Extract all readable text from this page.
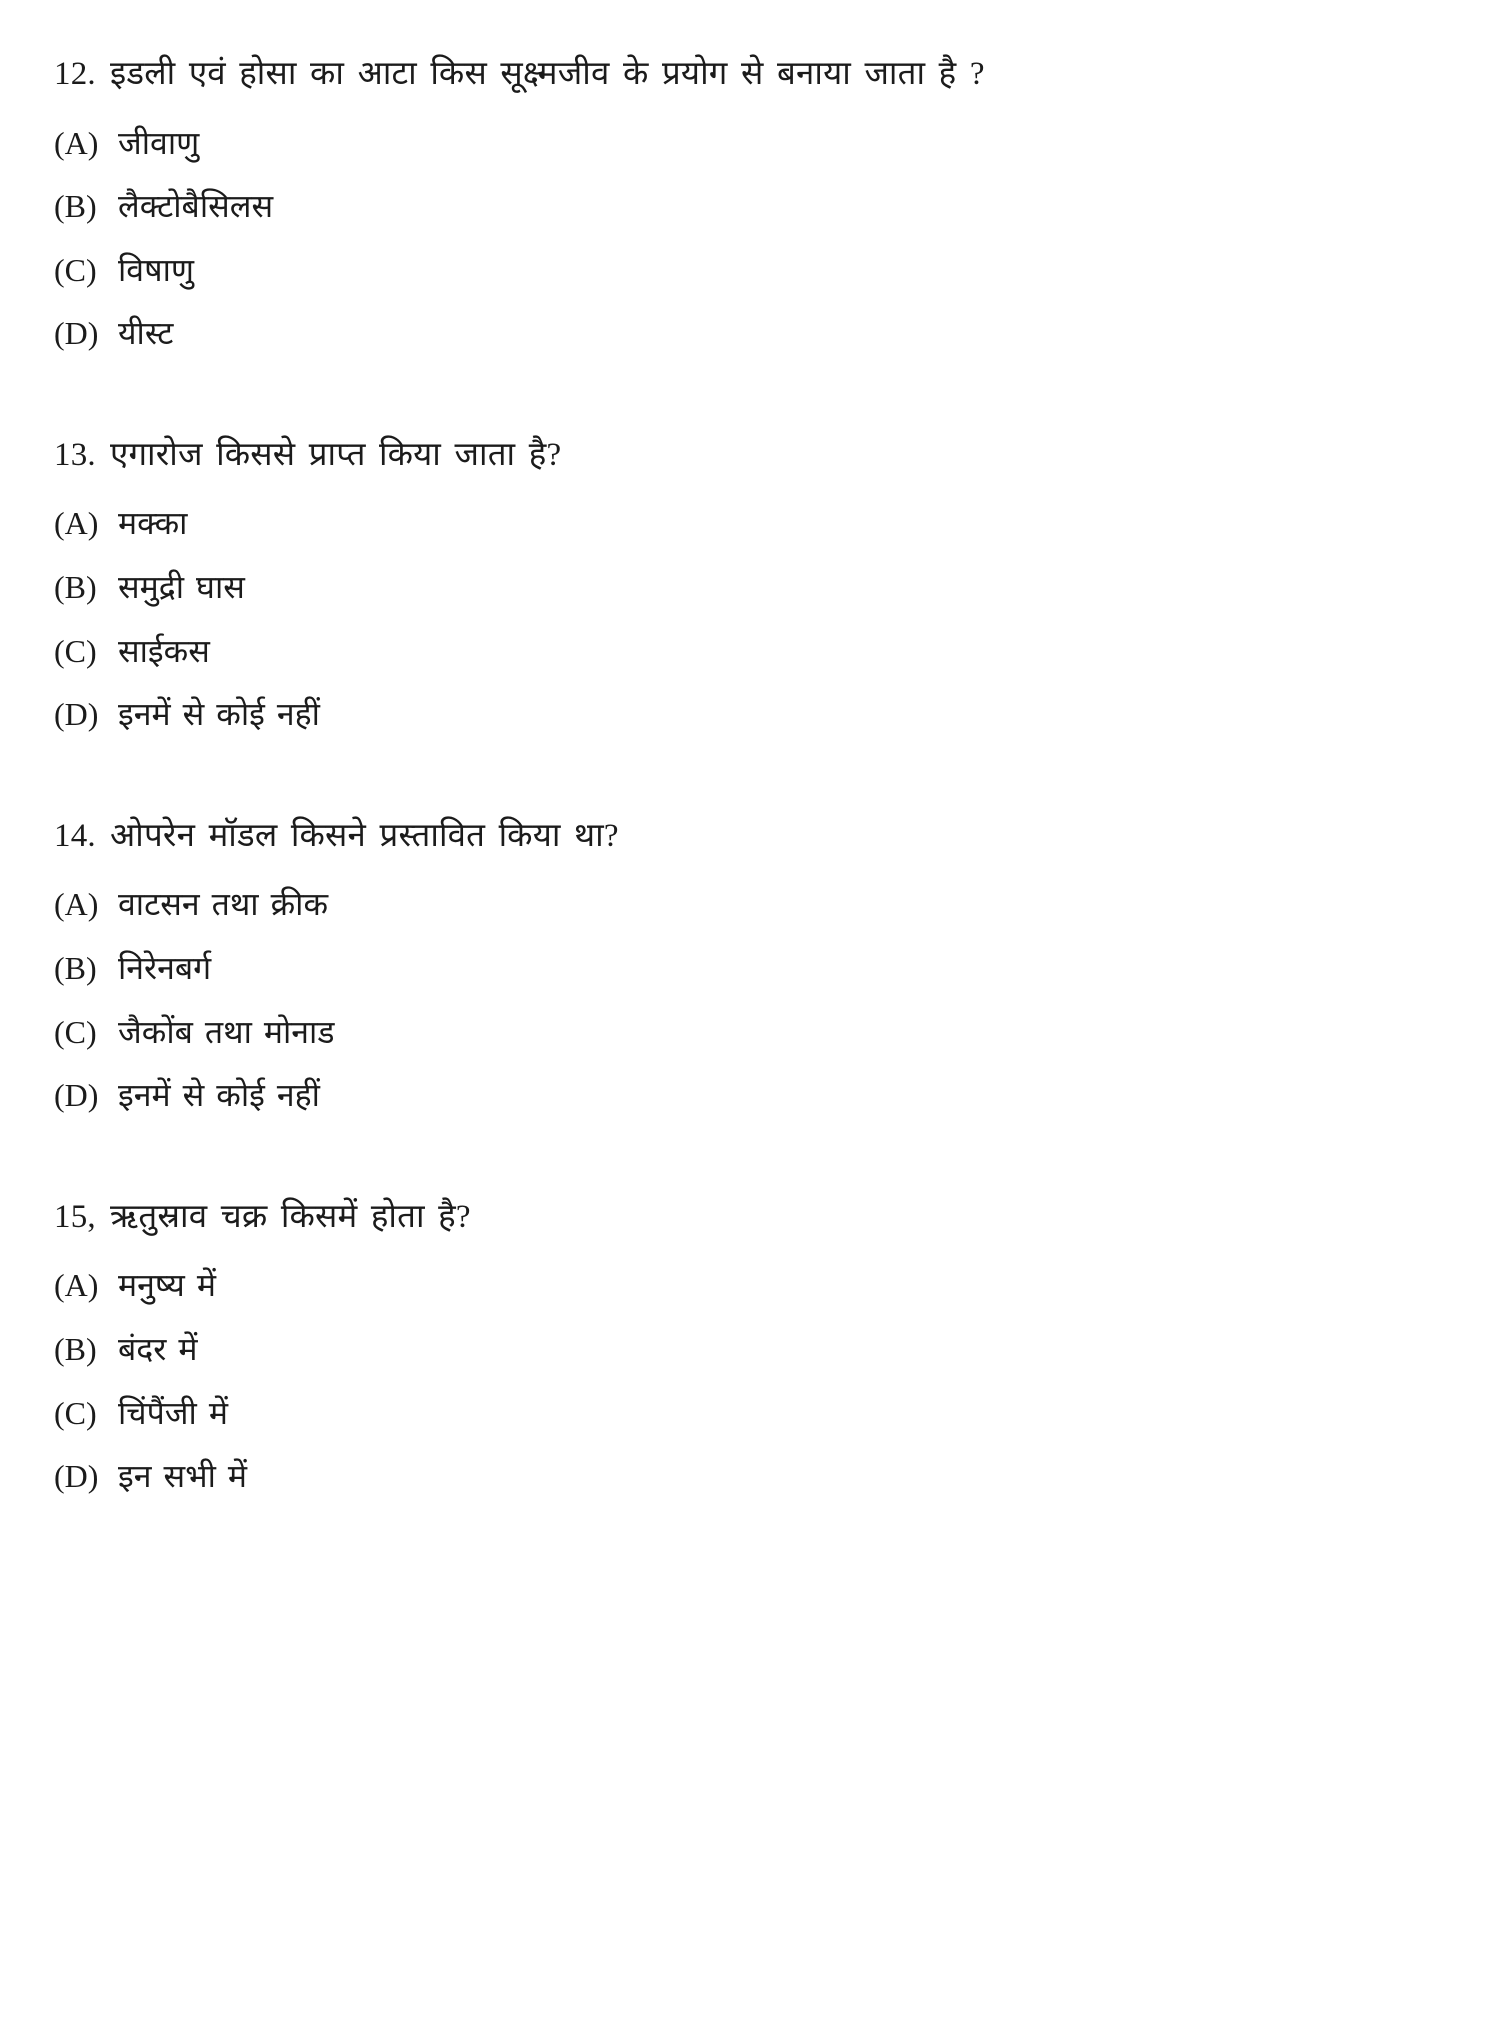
12. इडली एवं होसा का आटा किस सूक्ष्मजीव के प्रयोग से बनाया जाता है ?
(A) जीवाणु
(B) लैक्टोबैसिलस
(C) विषाणु
(D) यीस्ट
13. एगारोज किससे प्राप्त किया जाता है?
(A) मक्का
(B) समुद्री घास
(C) साईकस
(D) इनमें से कोई नहीं
14. ओपरेन मॉडल किसने प्रस्तावित किया था?
(A) वाटसन तथा क्रीक
(B) निरेनबर्ग
(C) जैकोंब तथा मोनाड
(D) इनमें से कोई नहीं
15, ऋतुस्राव चक्र किसमें होता है?
(A) मनुष्य में
(B) बंदर में
(C) चिंपैंजी में
(D) इन सभी में
